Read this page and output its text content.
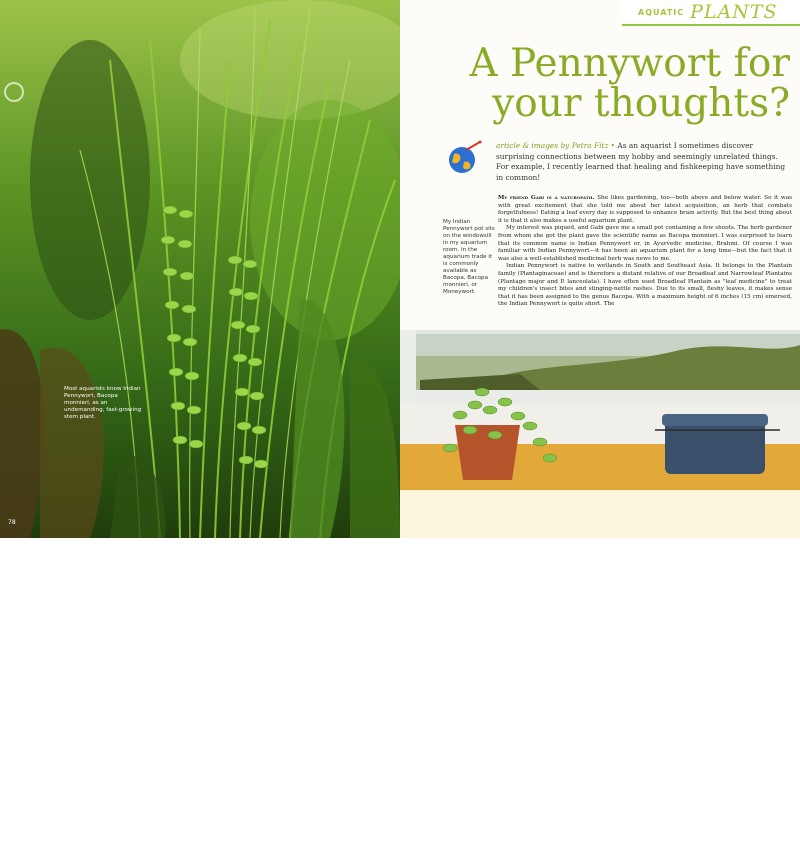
Most aquarists know Indian Pennywort, Bacopa monnieri, as an undemanding, fast-growing stem plant.
78
AQUATIC PLANTS
A Pennywort for
your thoughts?
article & images by Petra Fitz • As an aquarist I sometimes discover surprising connections between my hobby and seemingly unrelated things. For example, I recently learned that healing and fishkeeping have something in common!
My Indian Pennywort pot sits on the windowsill in my aquarium room. In the aquarium trade it is commonly available as Bacopa, Bacopa monnieri, or Moneywort.

My friend Gabi is a naturopath. She likes gardening, too—both above and below water. So it was with great excitement that she told me about her latest acquisition, an herb that combats forgetfulness! Eating a leaf every day is supposed to enhance brain activity. But the best thing about it is that it also makes a useful aquarium plant.

My interest was piqued, and Gabi gave me a small pot containing a few shoots. The herb gardener from whom she got the plant gave the scientific name as Bacopa monnieri. I was surprised to learn that its common name is Indian Pennywort or, in Ayurvedic medicine, Brahmi. Of course I was familiar with Indian Pennywort—it has been an aquarium plant for a long time—but the fact that it was also a well-established medicinal herb was news to me.

Indian Pennywort is native to wetlands in South and Southeast Asia. It belongs to the Plantain family (Plantaginaceae) and is therefore a distant relative of our Broadleaf and Narrowleaf Plantains (Plantago major and P. lanceolata). I have often used Broadleaf Plantain as "leaf medicine" to treat my children's insect bites and stinging-nettle rashes. Due to its small, fleshy leaves, it makes sense that it has been assigned to the genus Bacopa. With a maximum height of 6 inches (15 cm) emersed, the Indian Pennywort is quite short. The

79
